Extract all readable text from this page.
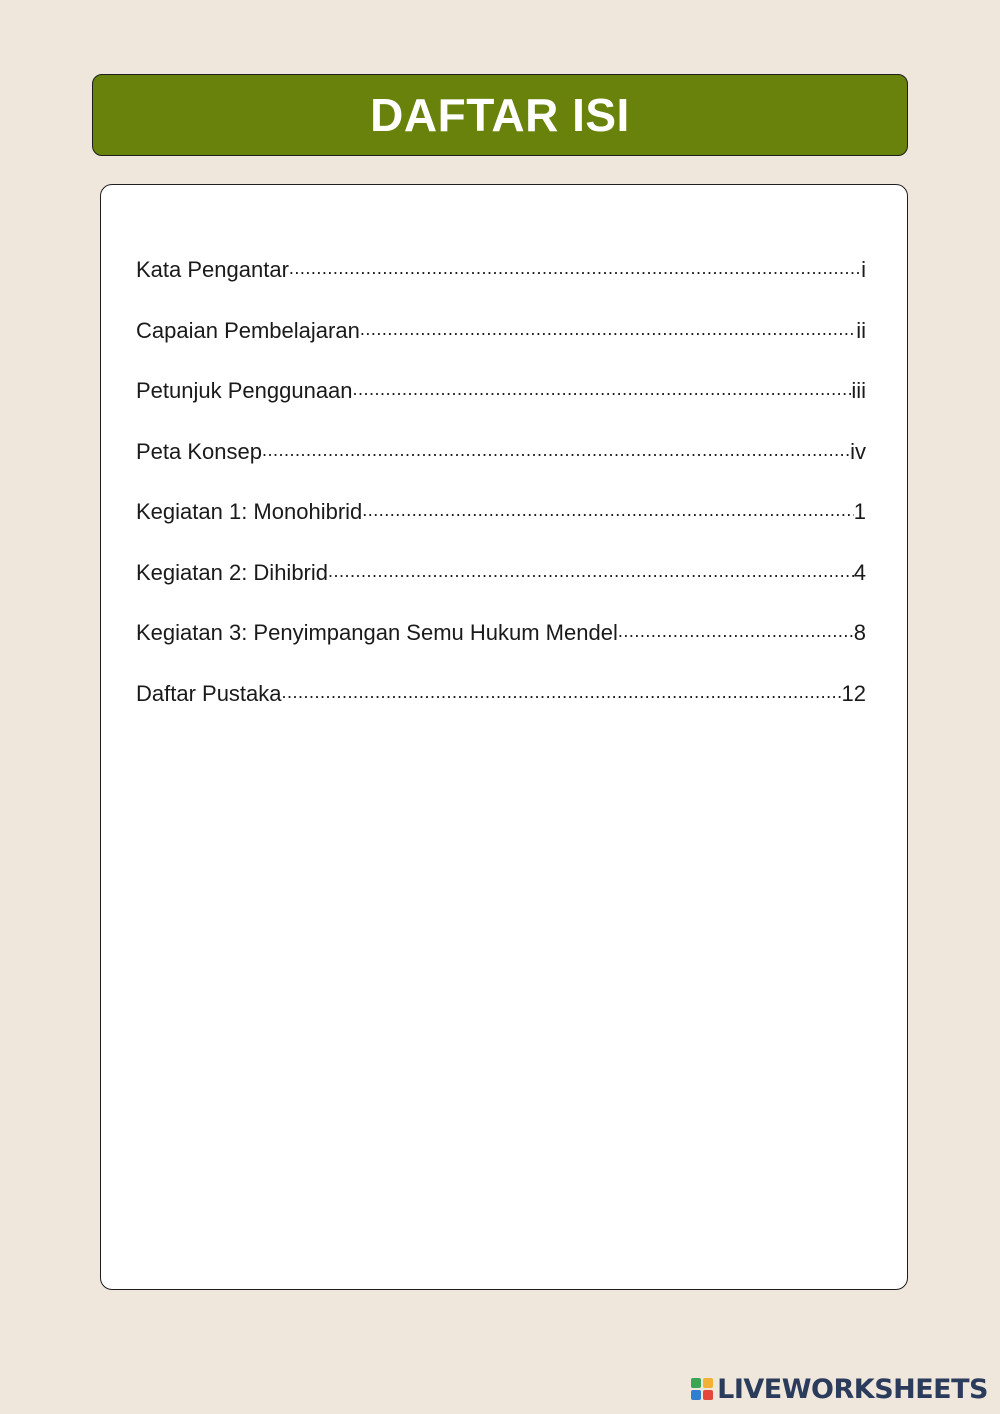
DAFTAR ISI
Kata Pengantar .....	i
Capaian Pembelajaran .....	ii
Petunjuk Penggunaan .....	iii
Peta Konsep .....	iv
Kegiatan 1: Monohibrid .....	1
Kegiatan 2: Dihibrid .....	4
Kegiatan 3: Penyimpangan Semu Hukum Mendel .....	8
Daftar Pustaka .....	12
LIVEWORKSHEETS
